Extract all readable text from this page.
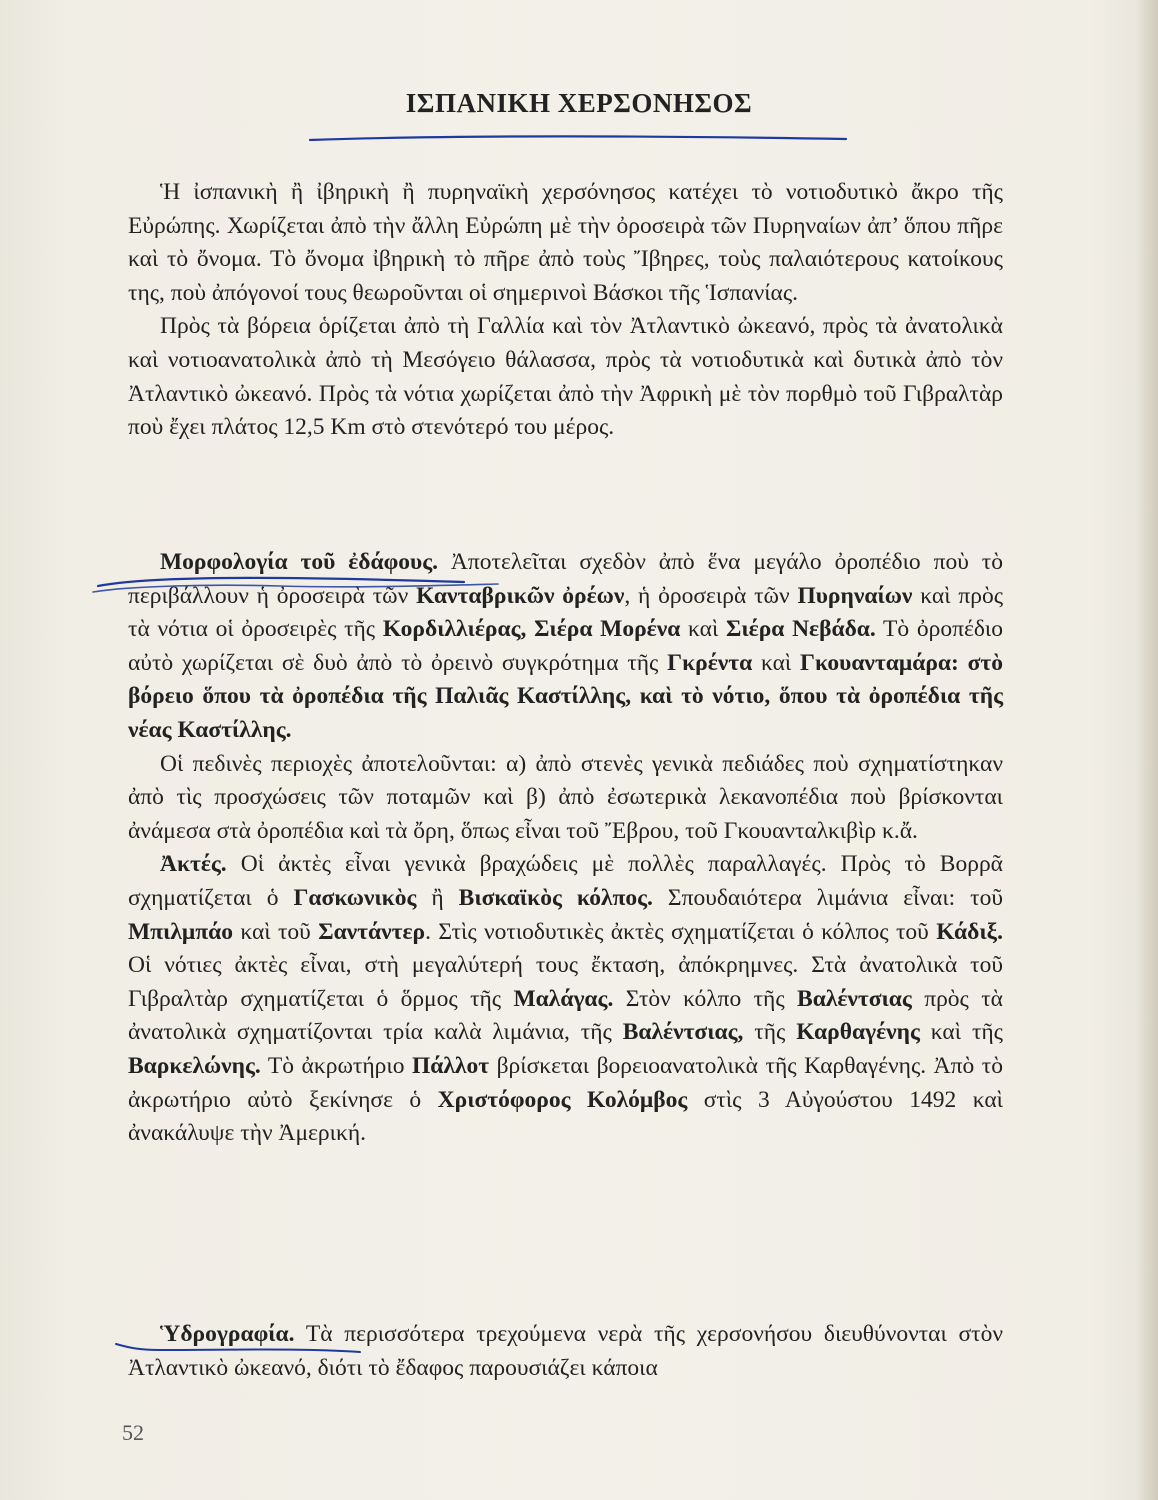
ΙΣΠΑΝΙΚΗ ΧΕΡΣΟΝΗΣΟΣ

Ἡ ἰσπανικὴ ἢ ἰβηρικὴ ἢ πυρηναϊκὴ χερσόνησος κατέχει τὸ νοτιοδυτικὸ ἄκρο τῆς Εὐρώπης. Χωρίζεται ἀπὸ τὴν ἄλλη Εὐρώπη μὲ τὴν ὀροσειρὰ τῶν Πυρηναίων ἀπ’ ὅπου πῆρε καὶ τὸ ὄνομα. Τὸ ὄνομα ἰβηρικὴ τὸ πῆρε ἀπὸ τοὺς Ἴβηρες, τοὺς παλαιότερους κατοίκους της, ποὺ ἀπόγονοί τους θεωροῦνται οἱ σημερινοὶ Βάσκοι τῆς Ἱσπανίας.

Πρὸς τὰ βόρεια ὁρίζεται ἀπὸ τὴ Γαλλία καὶ τὸν Ἀτλαντικὸ ὠκεανό, πρὸς τὰ ἀνατολικὰ καὶ νοτιοανατολικὰ ἀπὸ τὴ Μεσόγειο θάλασσα, πρὸς τὰ νοτιοδυτικὰ καὶ δυτικὰ ἀπὸ τὸν Ἀτλαντικὸ ὠκεανό. Πρὸς τὰ νότια χωρίζεται ἀπὸ τὴν Ἀφρικὴ μὲ τὸν πορθμὸ τοῦ Γιβραλτὰρ ποὺ ἔχει πλάτος 12,5 Km στὸ στενότερό του μέρος.

Μορφολογία τοῦ ἐδάφους. Ἀποτελεῖται σχεδὸν ἀπὸ ἕνα μεγάλο ὀροπέδιο ποὺ τὸ περιβάλλουν ἡ ὀροσειρὰ τῶν Κανταβρικῶν ὀρέων, ἡ ὀροσειρὰ τῶν Πυρηναίων καὶ πρὸς τὰ νότια οἱ ὀροσειρὲς τῆς Κορδιλλιέρας, Σιέρα Μορένα καὶ Σιέρα Νεβάδα. Τὸ ὀροπέδιο αὐτὸ χωρίζεται σὲ δυὸ ἀπὸ τὸ ὀρεινὸ συγκρότημα τῆς Γκρέντα καὶ Γκουανταμάρα: στὸ βόρειο ὅπου τὰ ὀροπέδια τῆς Παλιᾶς Καστίλλης, καὶ τὸ νότιο, ὅπου τὰ ὀροπέδια τῆς νέας Καστίλλης.

Οἱ πεδινὲς περιοχὲς ἀποτελοῦνται: α) ἀπὸ στενὲς γενικὰ πεδιάδες ποὺ σχηματίστηκαν ἀπὸ τὶς προσχώσεις τῶν ποταμῶν καὶ β) ἀπὸ ἐσωτερικὰ λεκανοπέδια ποὺ βρίσκονται ἀνάμεσα στὰ ὀροπέδια καὶ τὰ ὄρη, ὅπως εἶναι τοῦ Ἔβρου, τοῦ Γκουανταλκιβὶρ κ.ἄ.

Ἀκτές. Οἱ ἀκτὲς εἶναι γενικὰ βραχώδεις μὲ πολλὲς παραλλαγές. Πρὸς τὸ Βορρᾶ σχηματίζεται ὁ Γασκωνικὸς ἢ Βισκαϊκὸς κόλπος. Σπουδαιότερα λιμάνια εἶναι: τοῦ Μπιλμπάο καὶ τοῦ Σαντάντερ. Στὶς νοτιοδυτικὲς ἀκτὲς σχηματίζεται ὁ κόλπος τοῦ Κάδιξ. Οἱ νότιες ἀκτὲς εἶναι, στὴ μεγαλύτερή τους ἔκταση, ἀπόκρημνες. Στὰ ἀνατολικὰ τοῦ Γιβραλτὰρ σχηματίζεται ὁ ὅρμος τῆς Μαλάγας. Στὸν κόλπο τῆς Βαλέντσιας πρὸς τὰ ἀνατολικὰ σχηματίζονται τρία καλὰ λιμάνια, τῆς Βαλέντσιας, τῆς Καρθαγένης καὶ τῆς Βαρκελώνης. Τὸ ἀκρωτήριο Πάλλοτ βρίσκεται βορειοανατολικὰ τῆς Καρθαγένης. Ἀπὸ τὸ ἀκρωτήριο αὐτὸ ξεκίνησε ὁ Χριστόφορος Κολόμβος στὶς 3 Αὐγούστου 1492 καὶ ἀνακάλυψε τὴν Ἀμερική.

Ὑδρογραφία. Τὰ περισσότερα τρεχούμενα νερὰ τῆς χερσονήσου διευθύνονται στὸν Ἀτλαντικὸ ὠκεανό, διότι τὸ ἔδαφος παρουσιάζει κάποια

52
